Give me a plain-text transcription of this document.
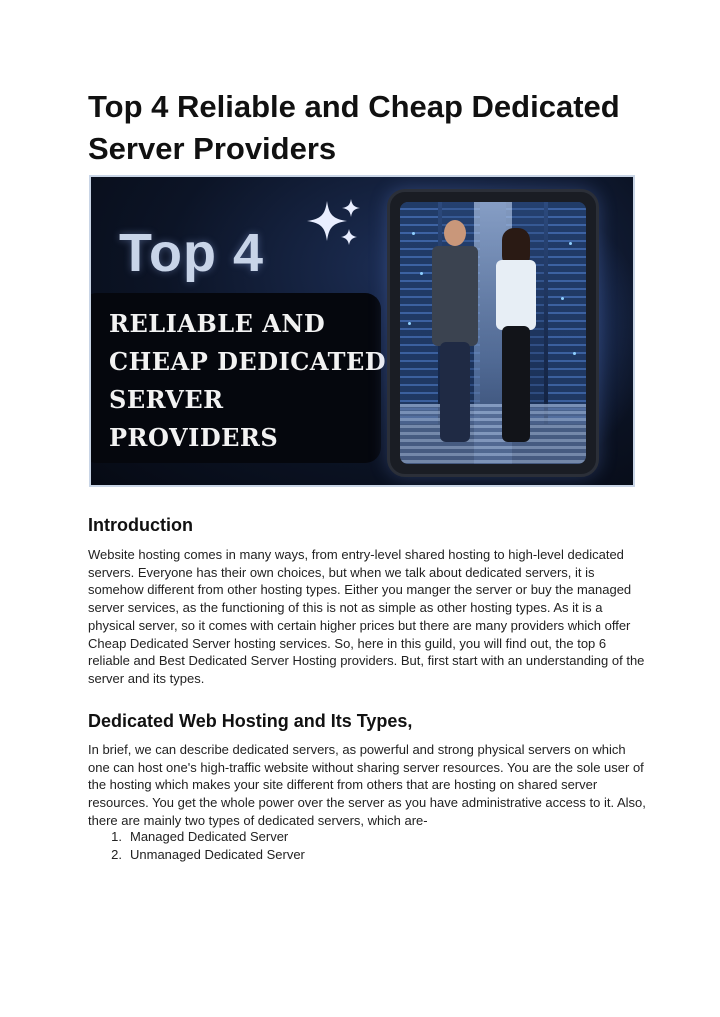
Top 4 Reliable and Cheap Dedicated Server Providers
Top 4
RELIABLE AND
CHEAP DEDICATED
SERVER
PROVIDERS
Introduction

Website hosting comes in many ways, from entry-level shared hosting to high-level dedicated servers. Everyone has their own choices, but when we talk about dedicated servers, it is somehow different from other hosting types. Either you manger the server or buy the managed server services, as the functioning of this is not as simple as other hosting types. As it is a physical server, so it comes with certain higher prices but there are many providers which offer Cheap Dedicated Server hosting services. So, here in this guild, you will find out, the top 6 reliable and Best Dedicated Server Hosting providers. But, first start with an understanding of the server and its types.

Dedicated Web Hosting and Its Types,

In brief, we can describe dedicated servers, as powerful and strong physical servers on which one can host one's high-traffic website without sharing server resources. You are the sole user of the hosting which makes your site different from others that are hosting on shared server resources. You get the whole power over the server as you have administrative access to it. Also, there are mainly two types of dedicated servers, which are-

1. Managed Dedicated Server
2. Unmanaged Dedicated Server
